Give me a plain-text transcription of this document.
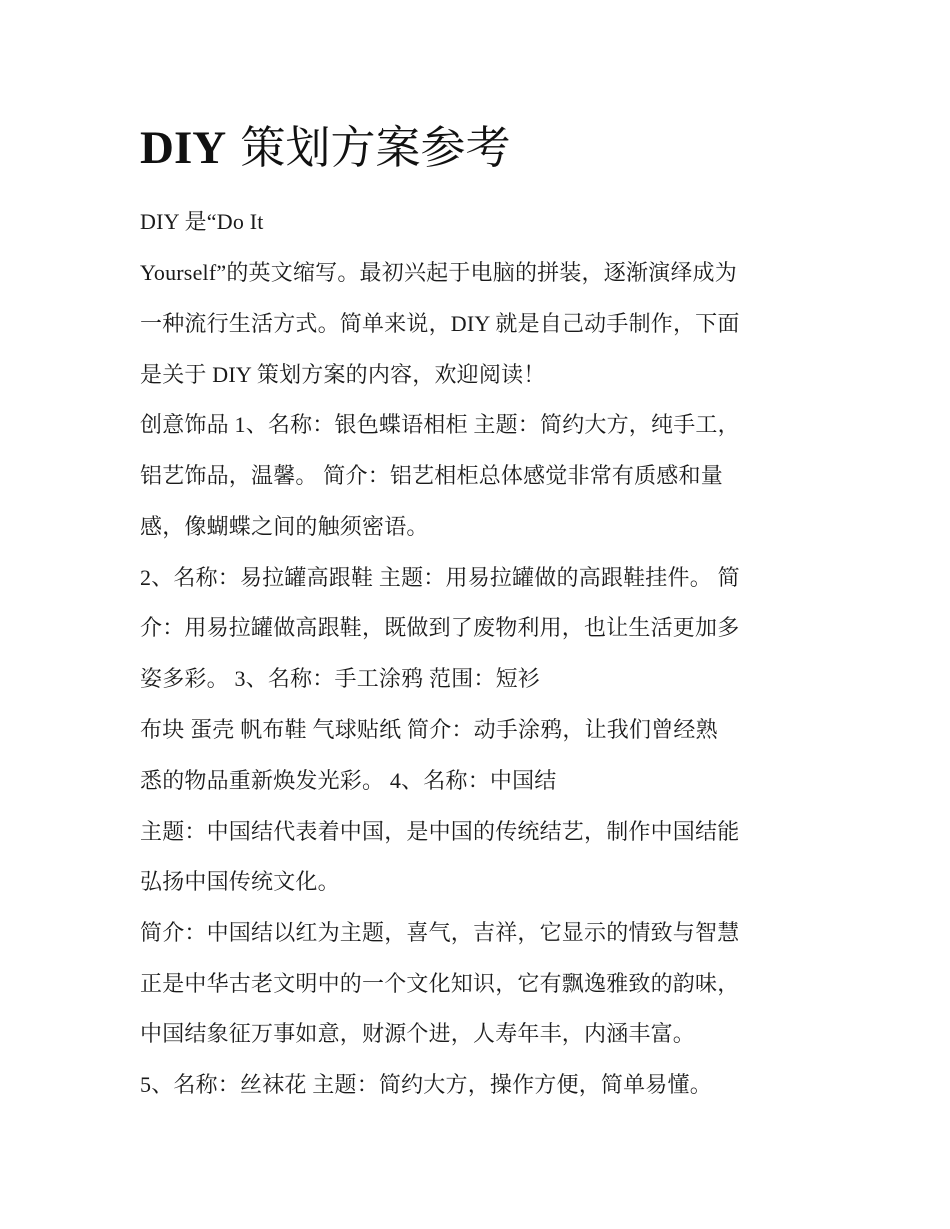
DIY 策划方案参考

DIY 是“Do It

Yourself”的英文缩写。最初兴起于电脑的拼装，逐渐演绎成为

一种流行生活方式。简单来说，DIY 就是自己动手制作，下面

是关于 DIY 策划方案的内容，欢迎阅读！

创意饰品 1、名称：银色蝶语相柜 主题：简约大方，纯手工，

铝艺饰品，温馨。 简介：铝艺相柜总体感觉非常有质感和量

感，像蝴蝶之间的触须密语。

2、名称：易拉罐高跟鞋 主题：用易拉罐做的高跟鞋挂件。 简

介：用易拉罐做高跟鞋，既做到了废物利用，也让生活更加多

姿多彩。 3、名称：手工涂鸦 范围：短衫

布块 蛋壳 帆布鞋 气球贴纸 简介：动手涂鸦，让我们曾经熟

悉的物品重新焕发光彩。 4、名称：中国结

主题：中国结代表着中国，是中国的传统结艺，制作中国结能

弘扬中国传统文化。

简介：中国结以红为主题，喜气，吉祥，它显示的情致与智慧

正是中华古老文明中的一个文化知识，它有飘逸雅致的韵味，

中国结象征万事如意，财源个进，人寿年丰，内涵丰富。

5、名称：丝袜花 主题：简约大方，操作方便，简单易懂。
